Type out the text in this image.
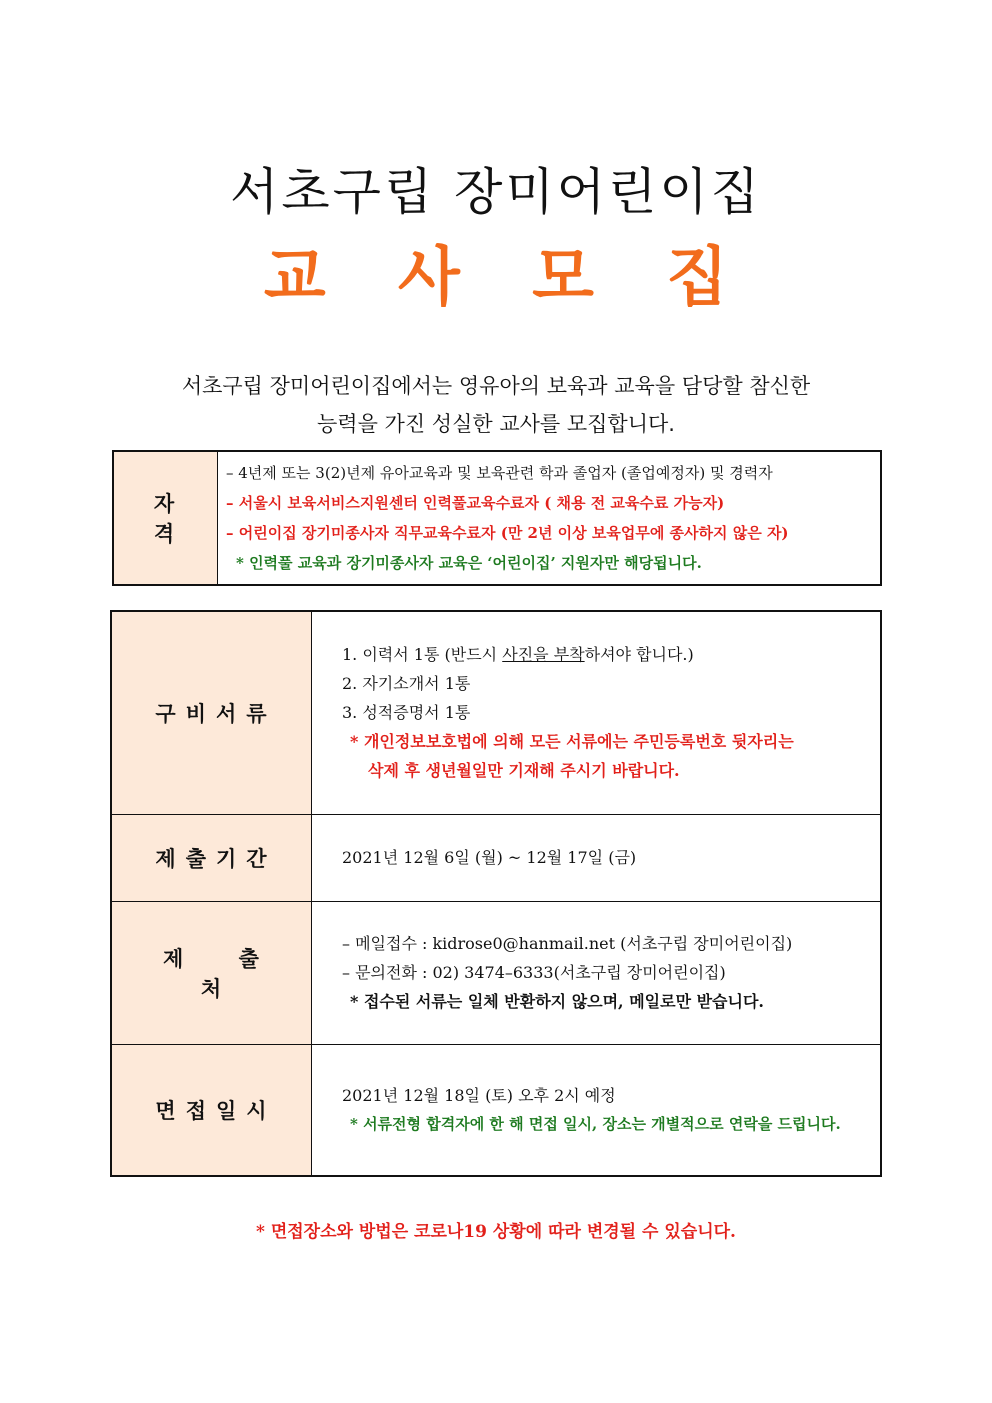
서초구립 장미어린이집
교 사 모 집
서초구립 장미어린이집에서는 영유아의 보육과 교육을 담당할 참신한
능력을 가진 성실한 교사를 모집합니다.
자 격	
– 4년제 또는 3(2)년제 유아교육과 및 보육관련 학과 졸업자 (졸업예정자) 및 경력자
– 서울시 보육서비스지원센터 인력풀교육수료자 ( 채용 전 교육수료 가능자)
– 어린이집 장기미종사자 직무교육수료자 (만 2년 이상 보육업무에 종사하지 않은 자)
* 인력풀 교육과 장기미종사자 교육은 ‘어린이집’ 지원자만 해당됩니다.
구비서류	1. 이력서 1통 (반드시 사진을 부착하셔야 합니다.)
2. 자기소개서 1통
3. 성적증명서 1통
* 개인정보보호법에 의해 모든 서류에는 주민등록번호 뒷자리는
삭제 후 생년월일만 기재해 주시기 바랍니다.

제출기간	2021년 12월 6일 (월) ~ 12월 17일 (금)
제 출 처	– 메일접수 : kidrose0@hanmail.net (서초구립 장미어린이집)
– 문의전화 : 02) 3474–6333(서초구립 장미어린이집)
* 접수된 서류는 일체 반환하지 않으며, 메일로만 받습니다.

면접일시	2021년 12월 18일 (토) 오후 2시 예정
* 서류전형 합격자에 한 해 면접 일시, 장소는 개별적으로 연락을 드립니다.
* 면접장소와 방법은 코로나19 상황에 따라 변경될 수 있습니다.
